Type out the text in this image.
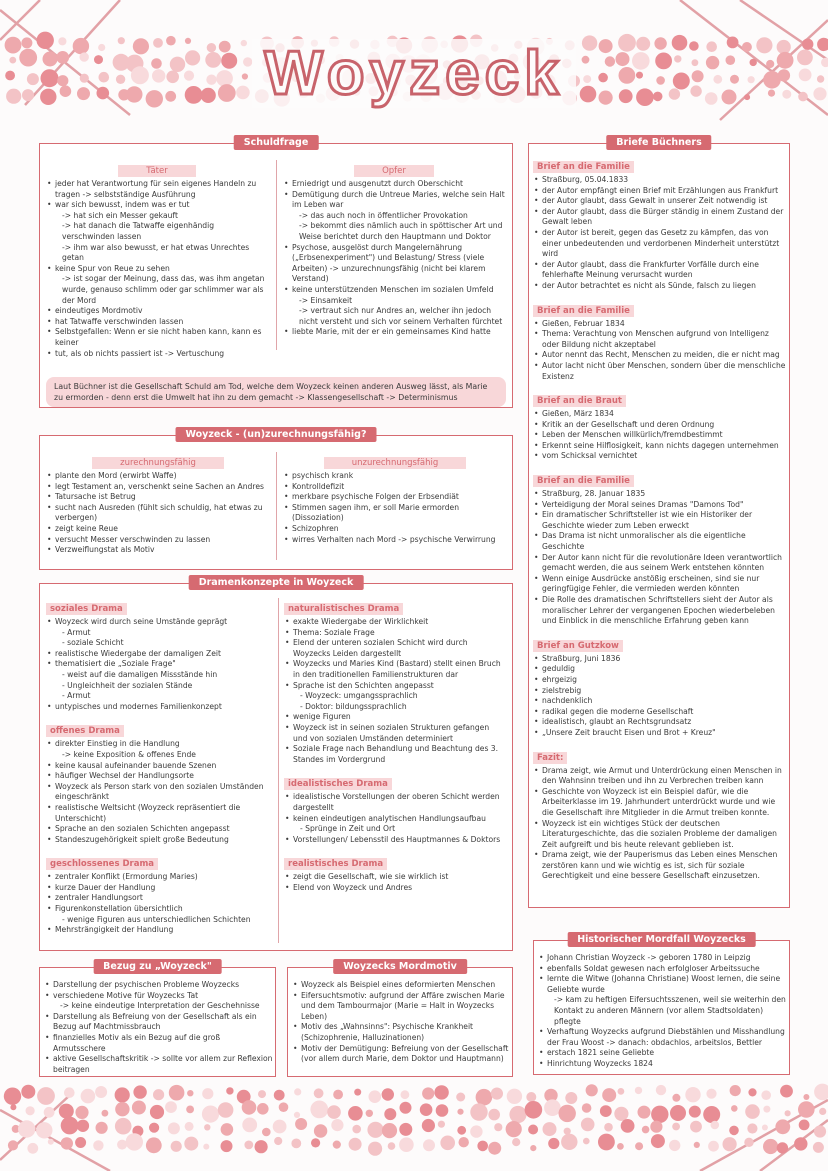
Woyzeck
Schuldfrage
Täter
• jeder hat Verantwortung für sein eigenes Handeln zu tragen -> selbstständige Ausführung
• war sich bewusst, indem was er tut
-> hat sich ein Messer gekauft
-> hat danach die Tatwaffe eigenhändig verschwinden lassen
-> ihm war also bewusst, er hat etwas Unrechtes getan
• keine Spur von Reue zu sehen
-> ist sogar der Meinung, dass das, was ihm angetan wurde, genauso schlimm oder gar schlimmer war als der Mord
• eindeutiges Mordmotiv
• hat Tatwaffe verschwinden lassen
• Selbstgefallen: Wenn er sie nicht haben kann, kann es keiner
• tut, als ob nichts passiert ist -> Vertuschung
Opfer
• Erniedrigt und ausgenutzt durch Oberschicht
• Demütigung durch die Untreue Maries, welche sein Halt im Leben war
-> das auch noch in öffentlicher Provokation
-> bekommt dies nämlich auch in spöttischer Art und Weise berichtet durch den Hauptmann und Doktor
• Psychose, ausgelöst durch Mangelernährung („Erbsenexperiment") und Belastung/ Stress (viele Arbeiten) -> unzurechnungsfähig (nicht bei klarem Verstand)
• keine unterstützenden Menschen im sozialen Umfeld
-> Einsamkeit
-> vertraut sich nur Andres an, welcher ihn jedoch nicht versteht und sich vor seinem Verhalten fürchtet
• liebte Marie, mit der er ein gemeinsames Kind hatte
Laut Büchner ist die Gesellschaft Schuld am Tod, welche dem Woyzeck keinen anderen Ausweg lässt, als Marie zu ermorden - denn erst die Umwelt hat ihn zu dem gemacht -> Klassengesellschaft -> Determinismus
Woyzeck - (un)zurechnungsfähig?
zurechnungsfähig
• plante den Mord (erwirbt Waffe)
• legt Testament an, verschenkt seine Sachen an Andres
• Tatursache ist Betrug
• sucht nach Ausreden (fühlt sich schuldig, hat etwas zu verbergen)
• zeigt keine Reue
• versucht Messer verschwinden zu lassen
• Verzweiflungstat als Motiv
unzurechnungsfähig
• psychisch krank
• Kontrolldefizit
• merkbare psychische Folgen der Erbsendiät
• Stimmen sagen ihm, er soll Marie ermorden (Dissoziation)
• Schizophren
• wirres Verhalten nach Mord -> psychische Verwirrung
Dramenkonzepte in Woyzeck
soziales Drama
• Woyzeck wird durch seine Umstände geprägt
- Armut
- soziale Schicht
• realistische Wiedergabe der damaligen Zeit
• thematisiert die „Soziale Frage"
- weist auf die damaligen Missstände hin
- Ungleichheit der sozialen Stände
- Armut
• untypisches und modernes Familienkonzept
offenes Drama
• direkter Einstieg in die Handlung
-> keine Exposition & offenes Ende
• keine kausal aufeinander bauende Szenen
• häufiger Wechsel der Handlungsorte
• Woyzeck als Person stark von den sozialen Umständen eingeschränkt
• realistische Weltsicht (Woyzeck repräsentiert die Unterschicht)
• Sprache an den sozialen Schichten angepasst
• Standeszugehörigkeit spielt große Bedeutung
geschlossenes Drama
• zentraler Konflikt (Ermordung Maries)
• kurze Dauer der Handlung
• zentraler Handlungsort
• Figurenkonstellation übersichtlich
- wenige Figuren aus unterschiedlichen Schichten
• Mehrsträngigkeit der Handlung
naturalistisches Drama
• exakte Wiedergabe der Wirklichkeit
• Thema: Soziale Frage
• Elend der unteren sozialen Schicht wird durch Woyzecks Leiden dargestellt
• Woyzecks und Maries Kind (Bastard) stellt einen Bruch in den traditionellen Familienstrukturen dar
• Sprache ist den Schichten angepasst
- Woyzeck: umgangssprachlich
- Doktor: bildungssprachlich
• wenige Figuren
• Woyzeck ist in seinen sozialen Strukturen gefangen und von sozialen Umständen determiniert
• Soziale Frage nach Behandlung und Beachtung des 3. Standes im Vordergrund
idealistisches Drama
• idealistische Vorstellungen der oberen Schicht werden dargestellt
• keinen eindeutigen analytischen Handlungsaufbau
- Sprünge in Zeit und Ort
• Vorstellungen/ Lebensstil des Hauptmannes & Doktors
realistisches Drama
• zeigt die Gesellschaft, wie sie wirklich ist
• Elend von Woyzeck und Andres
Bezug zu „Woyzeck"
• Darstellung der psychischen Probleme Woyzecks
• verschiedene Motive für Woyzecks Tat
-> keine eindeutige Interpretation der Geschehnisse
• Darstellung als Befreiung von der Gesellschaft als ein Bezug auf Machtmissbrauch
• finanzielles Motiv als ein Bezug auf die groß Armutsschere
• aktive Gesellschaftskritik -> sollte vor allem zur Reflexion beitragen
Woyzecks Mordmotiv
• Woyzeck als Beispiel eines deformierten Menschen
• Eifersuchtsmotiv: aufgrund der Affäre zwischen Marie und dem Tambourmajor (Marie = Halt in Woyzecks Leben)
• Motiv des „Wahnsinns": Psychische Krankheit (Schizophrenie, Halluzinationen)
• Motiv der Demütigung: Befreiung von der Gesellschaft (vor allem durch Marie, dem Doktor und Hauptmann)
Briefe Büchners
Brief an die Familie
• Straßburg, 05.04.1833
• der Autor empfängt einen Brief mit Erzählungen aus Frankfurt
• der Autor glaubt, dass Gewalt in unserer Zeit notwendig ist
• der Autor glaubt, dass die Bürger ständig in einem Zustand der Gewalt leben
• der Autor ist bereit, gegen das Gesetz zu kämpfen, das von einer unbedeutenden und verdorbenen Minderheit unterstützt wird
• der Autor glaubt, dass die Frankfurter Vorfälle durch eine fehlerhafte Meinung verursacht wurden
• der Autor betrachtet es nicht als Sünde, falsch zu liegen
Brief an die Familie
• Gießen, Februar 1834
• Thema: Verachtung von Menschen aufgrund von Intelligenz oder Bildung nicht akzeptabel
• Autor nennt das Recht, Menschen zu meiden, die er nicht mag
• Autor lacht nicht über Menschen, sondern über die menschliche Existenz
Brief an die Braut
• Gießen, März 1834
• Kritik an der Gesellschaft und deren Ordnung
• Leben der Menschen willkürlich/fremdbestimmt
• Erkennt seine Hilflosigkeit, kann nichts dagegen unternehmen
• vom Schicksal vernichtet
Brief an die Familie
• Straßburg, 28. Januar 1835
• Verteidigung der Moral seines Dramas "Damons Tod"
• Ein dramatischer Schriftsteller ist wie ein Historiker der Geschichte wieder zum Leben erweckt
• Das Drama ist nicht unmoralischer als die eigentliche Geschichte
• Der Autor kann nicht für die revolutionäre Ideen verantwortlich gemacht werden, die aus seinem Werk entstehen könnten
• Wenn einige Ausdrücke anstößig erscheinen, sind sie nur geringfügige Fehler, die vermieden werden könnten
• Die Rolle des dramatischen Schriftstellers sieht der Autor als moralischer Lehrer der vergangenen Epochen wiederbeleben und Einblick in die menschliche Erfahrung geben kann
Brief an Gutzkow
• Straßburg, Juni 1836
• geduldig
• ehrgeizig
• zielstrebig
• nachdenklich
• radikal gegen die moderne Gesellschaft
• idealistisch, glaubt an Rechtsgrundsatz
• „Unsere Zeit braucht Eisen und Brot + Kreuz"
Fazit:
• Drama zeigt, wie Armut und Unterdrückung einen Menschen in den Wahnsinn treiben und ihn zu Verbrechen treiben kann
• Geschichte von Woyzeck ist ein Beispiel dafür, wie die Arbeiterklasse im 19. Jahrhundert unterdrückt wurde und wie die Gesellschaft ihre Mitglieder in die Armut treiben konnte.
• Woyzeck ist ein wichtiges Stück der deutschen Literaturgeschichte, das die sozialen Probleme der damaligen Zeit aufgreift und bis heute relevant geblieben ist.
• Drama zeigt, wie der Pauperismus das Leben eines Menschen zerstören kann und wie wichtig es ist, sich für soziale Gerechtigkeit und eine bessere Gesellschaft einzusetzen.
Historischer Mordfall Woyzecks
• Johann Christian Woyzeck -> geboren 1780 in Leipzig
• ebenfalls Soldat gewesen nach erfolgloser Arbeitssuche
• lernte die Witwe (Johanna Christiane) Woost lernen, die seine Geliebte wurde
-> kam zu heftigen Eifersuchtsszenen, weil sie weiterhin den Kontakt zu anderen Männern (vor allem Stadtsoldaten) pflegte
• Verhaftung Woyzecks aufgrund Diebstählen und Misshandlung der Frau Woost -> danach: obdachlos, arbeitslos, Bettler
• erstach 1821 seine Geliebte
• Hinrichtung Woyzecks 1824
